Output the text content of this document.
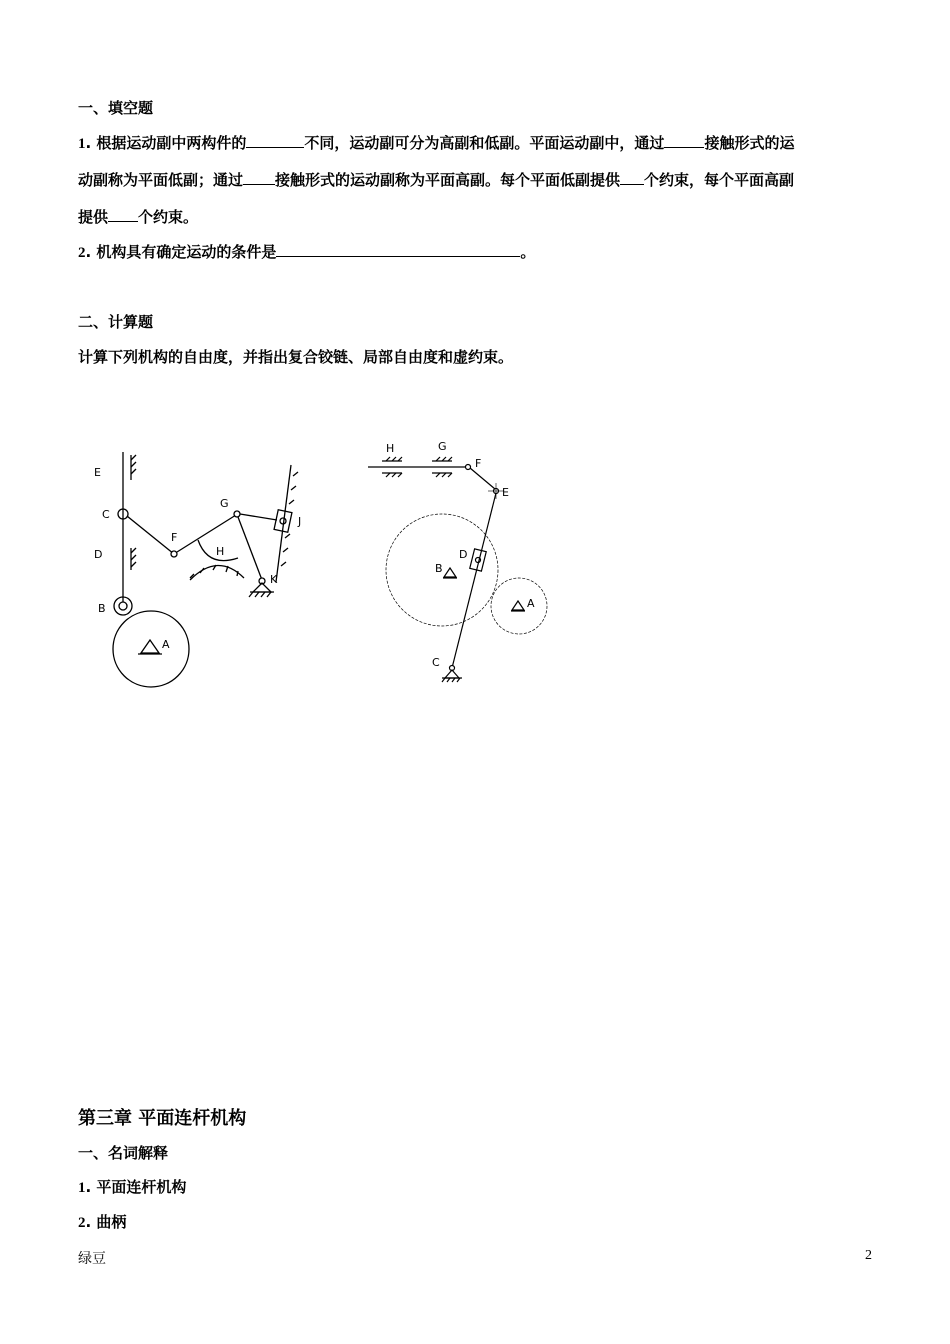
一、填空题
1. 根据运动副中两构件的	不同，运动副可分为高副和低副。平面运动副中，通过	接触形式的运
动副称为平面低副；通过 接触形式的运动副称为平面高副。每个平面低副提供 个约束，每个平面高副
提供 个约束。
2. 机构具有确定运动的条件是	。
二、计算题
计算下列机构的自由度，并指出复合铰链、局部自由度和虚约束。
E
C
D
B
A
F
G
H
J
K
H	G
F
E
D
B
A
C
第三章 平面连杆机构
一、名词解释
1. 平面连杆机构
2. 曲柄
绿豆	2
